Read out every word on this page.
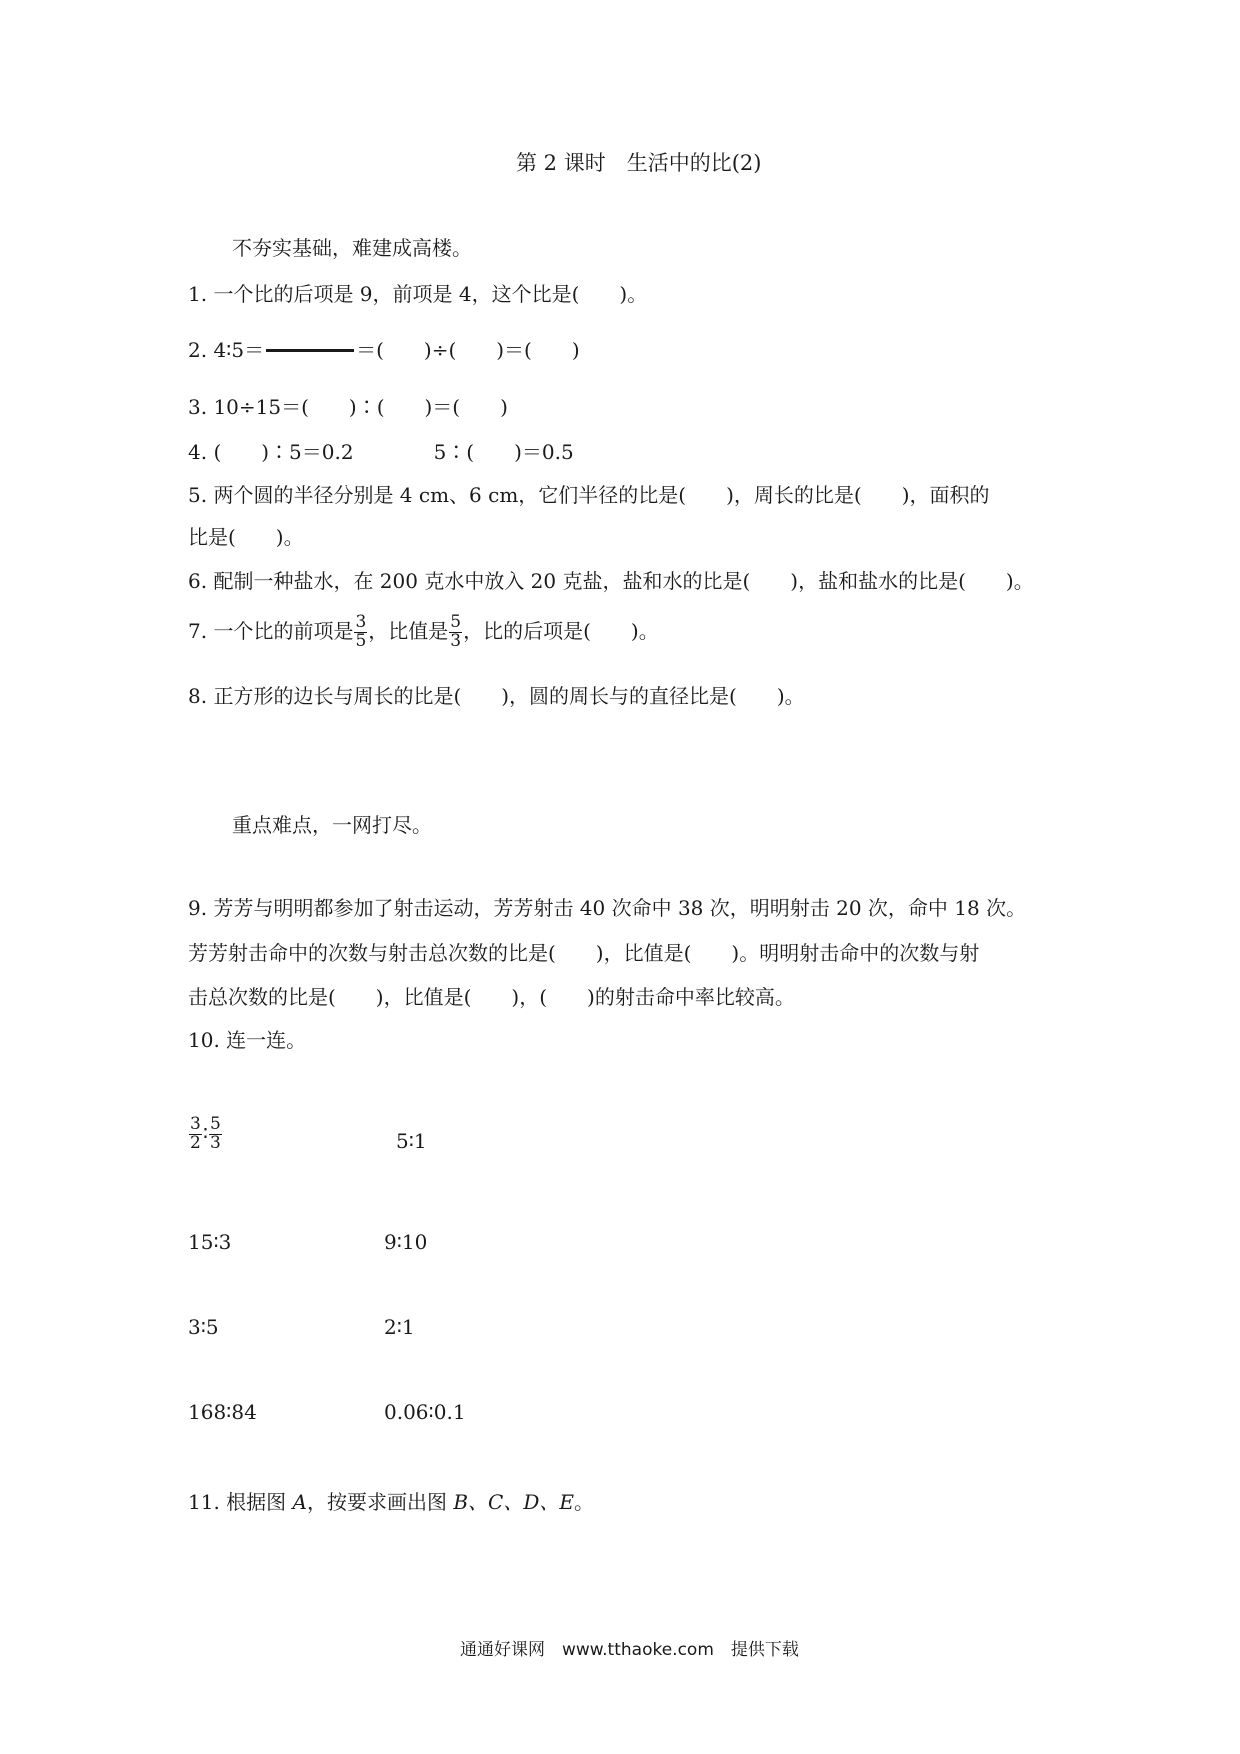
第 2 课时　生活中的比(2)
不夯实基础，难建成高楼。
1. 一个比的后项是 9，前项是 4，这个比是(　　)。
2. 4∶5＝	＝(　　)÷(　　)＝(　　)
3. 10÷15＝(　　)∶(　　)＝(　　)
4. (　　)∶5＝0.2　　　　5∶(　　)＝0.5
5. 两个圆的半径分别是 4 cm、6 cm，它们半径的比是(　　)，周长的比是(　　)，面积的
比是(　　)。
6. 配制一种盐水，在 200 克水中放入 20 克盐，盐和水的比是(　　)，盐和盐水的比是(　　)。
7. 一个比的前项是 $\frac{3}{5}$ ，比值是 $\frac{5}{3}$ ，比的后项是(　　)。
8. 正方形的边长与周长的比是(　　)，圆的周长与的直径比是(　　)。
重点难点，一网打尽。
9. 芳芳与明明都参加了射击运动，芳芳射击 40 次命中 38 次，明明射击 20 次，命中 18 次。
芳芳射击命中的次数与射击总次数的比是(　　)，比值是(　　)。明明射击命中的次数与射
击总次数的比是(　　)，比值是(　　)，(　　)的射击命中率比较高。
10. 连一连。
$\frac{3}{2}$ ∶ $\frac{5}{3}$	5∶1
15∶3	9∶10
3∶5	2∶1
168∶84	0.06∶0.1
11. 根据图 A，按要求画出图 B、C、D、E。
通通好课网　www.tthaoke.com　提供下载
